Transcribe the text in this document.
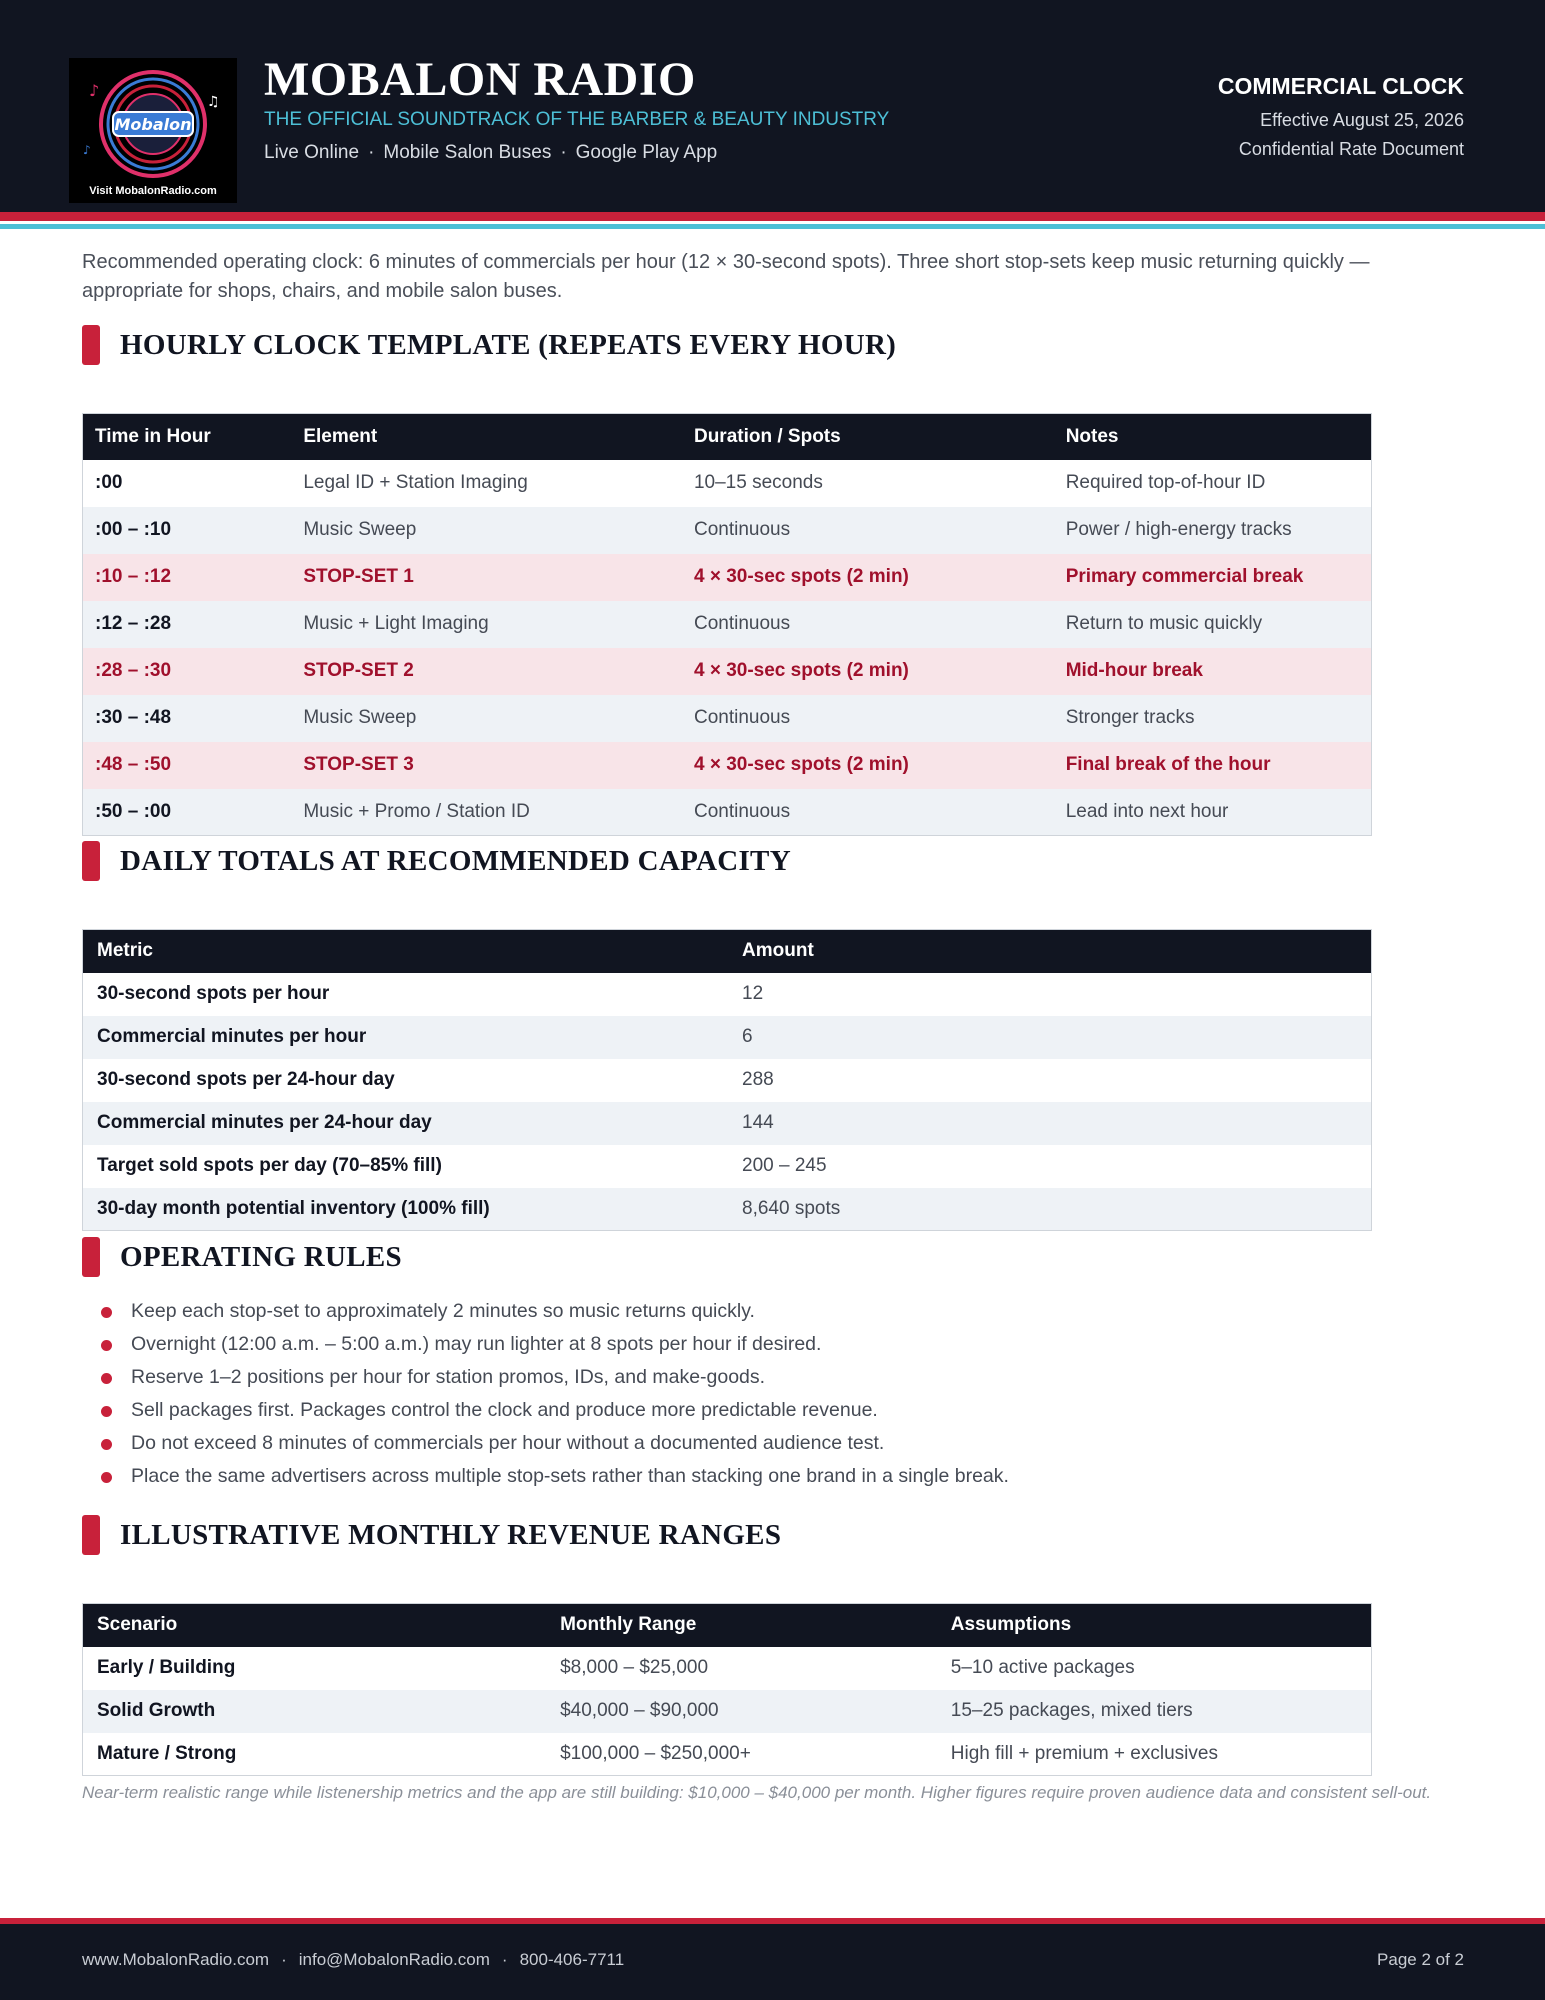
Mobalon
♪
♫
♪
Visit MobalonRadio.com
MOBALON RADIO
THE OFFICIAL SOUNDTRACK OF THE BARBER & BEAUTY INDUSTRY
Live Online · Mobile Salon Buses · Google Play App
COMMERCIAL CLOCK
Effective August 25, 2026
Confidential Rate Document

Recommended operating clock: 6 minutes of commercials per hour (12 × 30-second spots). Three short stop-sets keep music returning quickly — appropriate for shops, chairs, and mobile salon buses.

HOURLY CLOCK TEMPLATE (REPEATS EVERY HOUR)
Time in Hour	Element	Duration / Spots	Notes
:00	Legal ID + Station Imaging	10–15 seconds	Required top-of-hour ID
:00 – :10	Music Sweep	Continuous	Power / high-energy tracks
:10 – :12	STOP-SET 1	4 × 30-sec spots (2 min)	Primary commercial break
:12 – :28	Music + Light Imaging	Continuous	Return to music quickly
:28 – :30	STOP-SET 2	4 × 30-sec spots (2 min)	Mid-hour break
:30 – :48	Music Sweep	Continuous	Stronger tracks
:48 – :50	STOP-SET 3	4 × 30-sec spots (2 min)	Final break of the hour
:50 – :00	Music + Promo / Station ID	Continuous	Lead into next hour
DAILY TOTALS AT RECOMMENDED CAPACITY
Metric	Amount
30-second spots per hour	12
Commercial minutes per hour	6
30-second spots per 24-hour day	288
Commercial minutes per 24-hour day	144
Target sold spots per day (70–85% fill)	200 – 245
30-day month potential inventory (100% fill)	8,640 spots
OPERATING RULES
Keep each stop-set to approximately 2 minutes so music returns quickly.
Overnight (12:00 a.m. – 5:00 a.m.) may run lighter at 8 spots per hour if desired.
Reserve 1–2 positions per hour for station promos, IDs, and make-goods.
Sell packages first. Packages control the clock and produce more predictable revenue.
Do not exceed 8 minutes of commercials per hour without a documented audience test.
Place the same advertisers across multiple stop-sets rather than stacking one brand in a single break.
ILLUSTRATIVE MONTHLY REVENUE RANGES
Scenario	Monthly Range	Assumptions
Early / Building	$8,000 – $25,000	5–10 active packages
Solid Growth	$40,000 – $90,000	15–25 packages, mixed tiers
Mature / Strong	$100,000 – $250,000+	High fill + premium + exclusives

Near-term realistic range while listenership metrics and the app are still building: $10,000 – $40,000 per month. Higher figures require proven audience data and consistent sell-out.

www.MobalonRadio.com · info@MobalonRadio.com · 800-406-7711	Page 2 of 2
